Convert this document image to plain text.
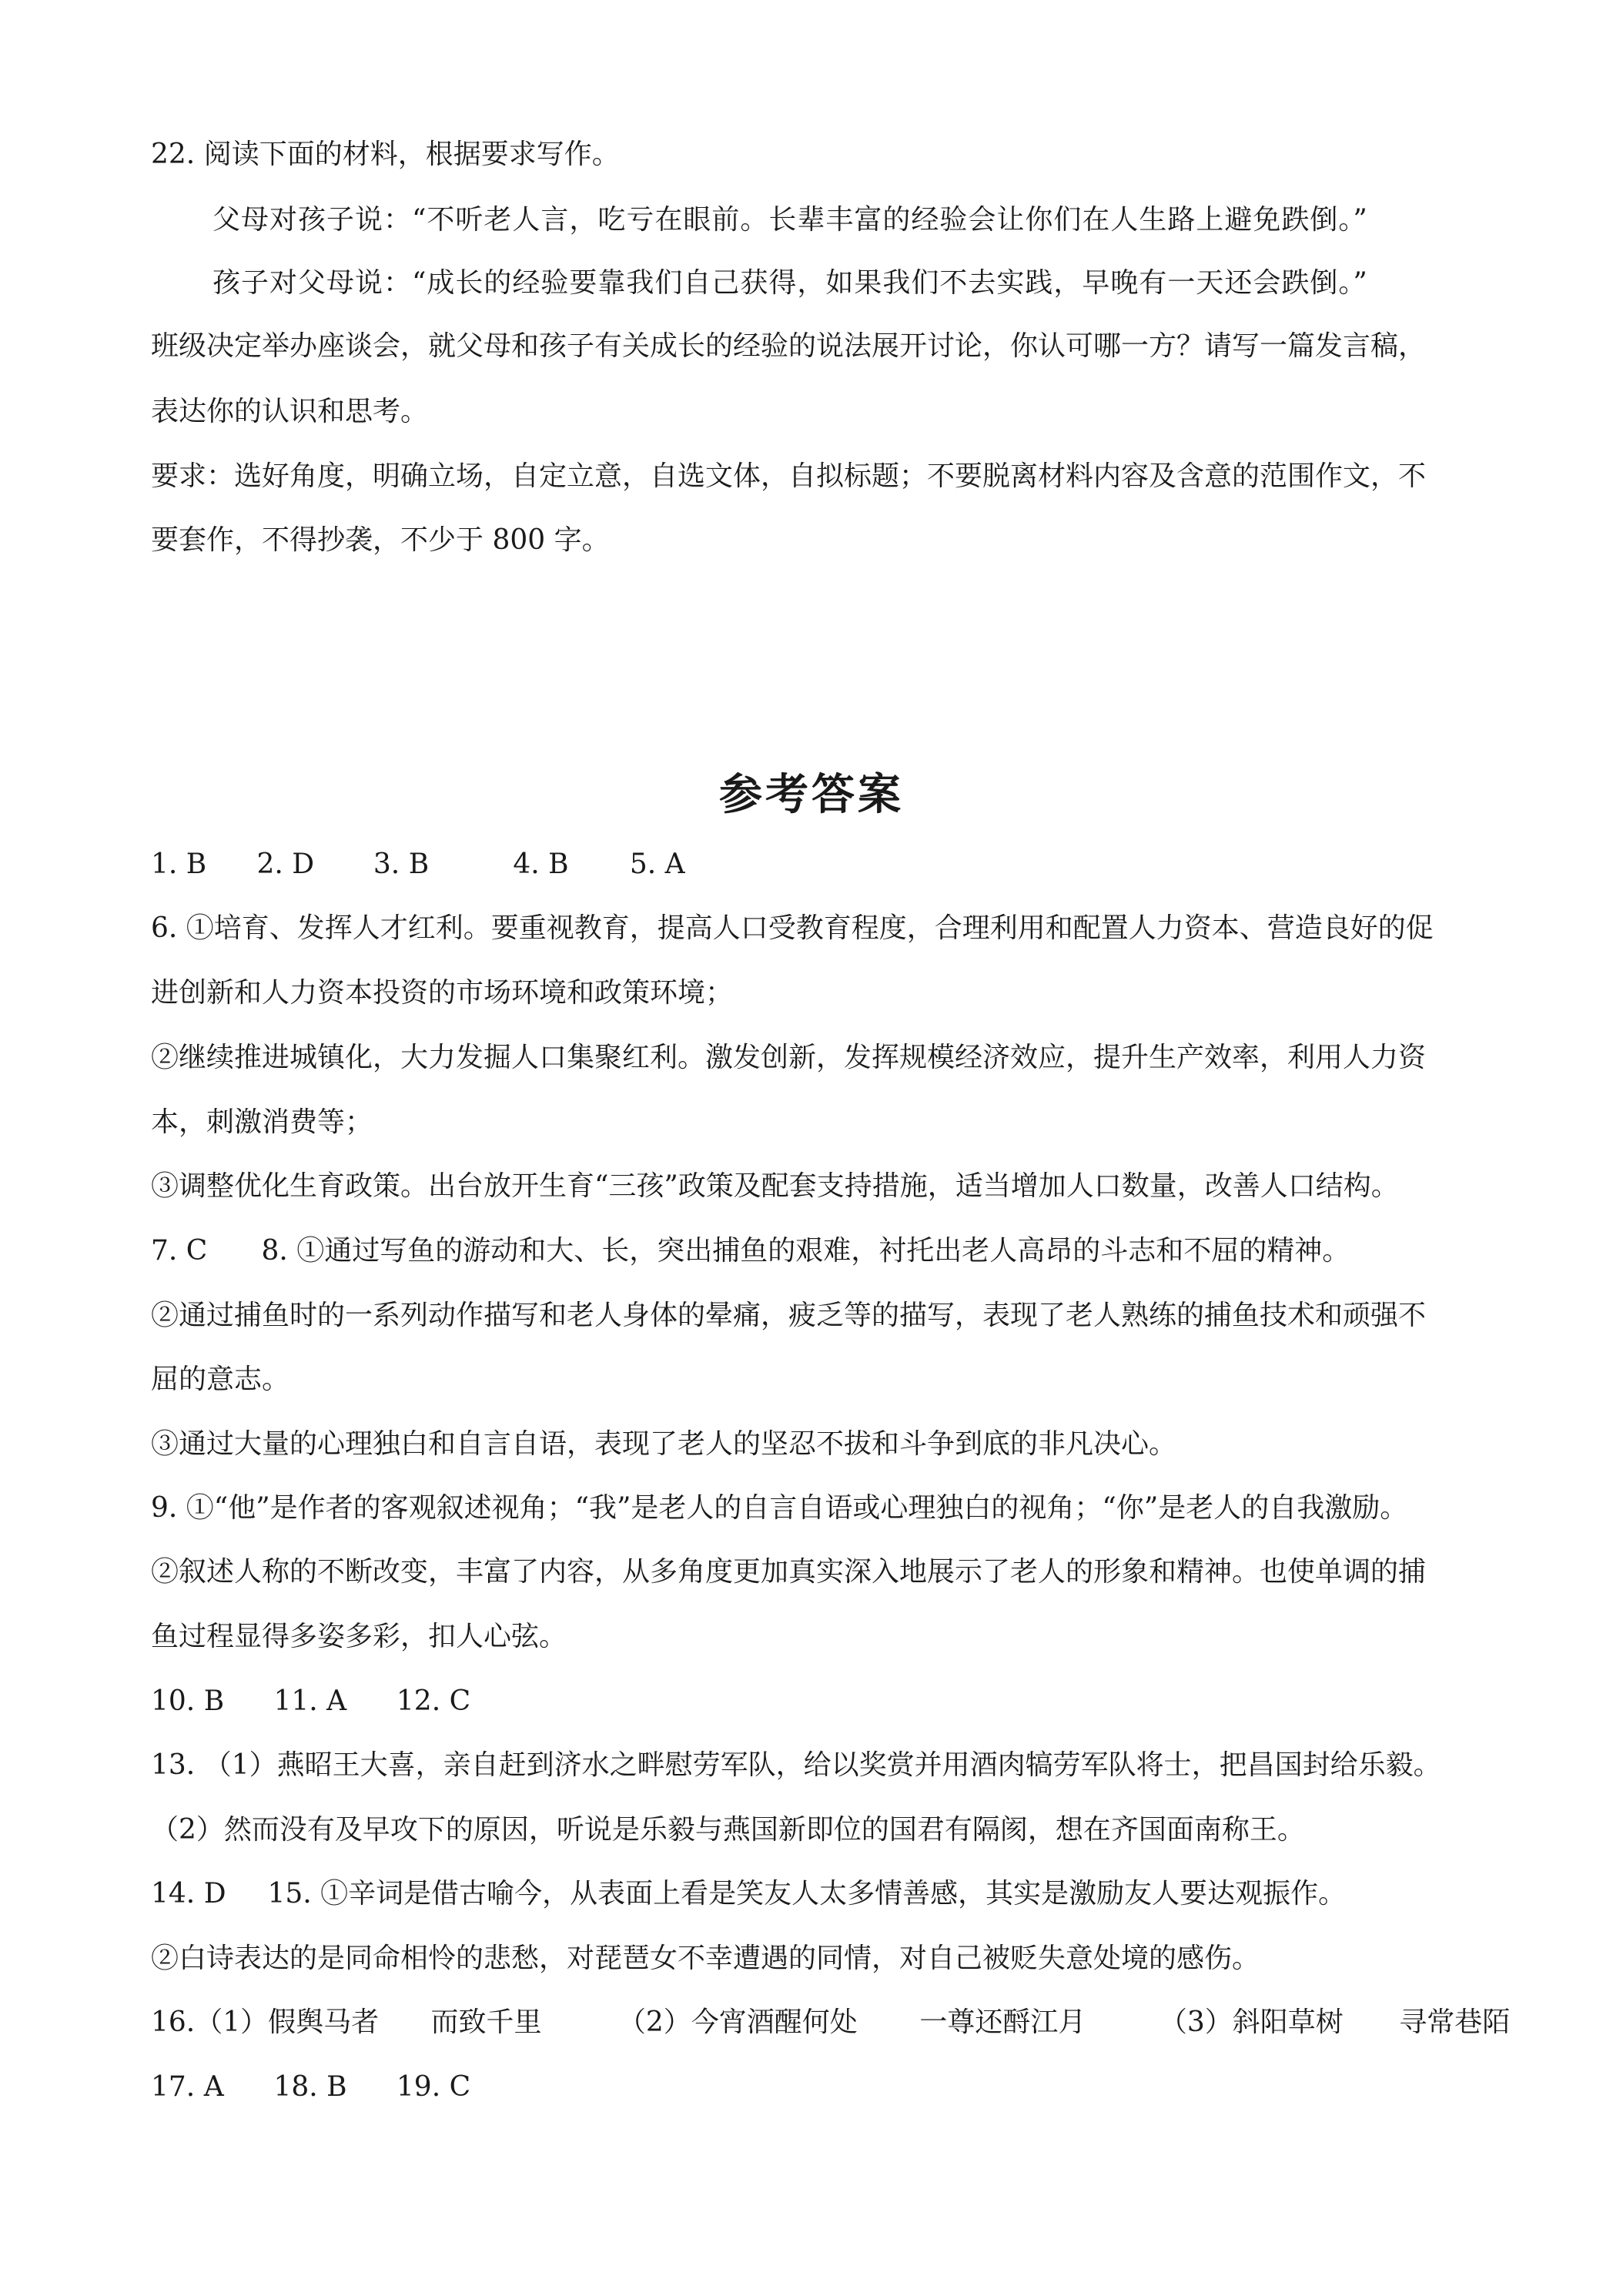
22. 阅读下面的材料，根据要求写作。
父母对孩子说：“不听老人言，吃亏在眼前。长辈丰富的经验会让你们在人生路上避免跌倒。”
孩子对父母说：“成长的经验要靠我们自己获得，如果我们不去实践，早晚有一天还会跌倒。”
班级决定举办座谈会，就父母和孩子有关成长的经验的说法展开讨论，你认可哪一方？请写一篇发言稿，
表达你的认识和思考。
要求：选好角度，明确立场，自定立意，自选文体，自拟标题；不要脱离材料内容及含意的范围作文，不
要套作，不得抄袭，不少于 800 字。
参考答案
1. B 2. D 3. B	4. B 5. A
6. ①培育、发挥人才红利。要重视教育，提高人口受教育程度，合理利用和配置人力资本、营造良好的促
进创新和人力资本投资的市场环境和政策环境；
②继续推进城镇化，大力发掘人口集聚红利。激发创新，发挥规模经济效应，提升生产效率，利用人力资
本，刺激消费等；
③调整优化生育政策。出台放开生育“三孩”政策及配套支持措施，适当增加人口数量，改善人口结构。
7. C 8. ①通过写鱼的游动和大、长，突出捕鱼的艰难，衬托出老人高昂的斗志和不屈的精神。
②通过捕鱼时的一系列动作描写和老人身体的晕痛，疲乏等的描写，表现了老人熟练的捕鱼技术和顽强不
屈的意志。
③通过大量的心理独白和自言自语，表现了老人的坚忍不拔和斗争到底的非凡决心。
9. ①“他”是作者的客观叙述视角；“我”是老人的自言自语或心理独白的视角；“你”是老人的自我激励。
②叙述人称的不断改变，丰富了内容，从多角度更加真实深入地展示了老人的形象和精神。也使单调的捕
鱼过程显得多姿多彩，扣人心弦。
10. B 11. A 12. C
13. （1）燕昭王大喜，亲自赶到济水之畔慰劳军队，给以奖赏并用酒肉犒劳军队将士，把昌国封给乐毅。
（2）然而没有及早攻下的原因，听说是乐毅与燕国新即位的国君有隔阂，想在齐国面南称王。
14. D 15. ①辛词是借古喻今，从表面上看是笑友人太多情善感，其实是激励友人要达观振作。
②白诗表达的是同命相怜的悲愁，对琵琶女不幸遭遇的同情，对自己被贬失意处境的感伤。
16.（1）假舆马者 而致千里	（2）今宵酒醒何处 一尊还酹江月	（3）斜阳草树 寻常巷陌
17. A 18. B 19. C
